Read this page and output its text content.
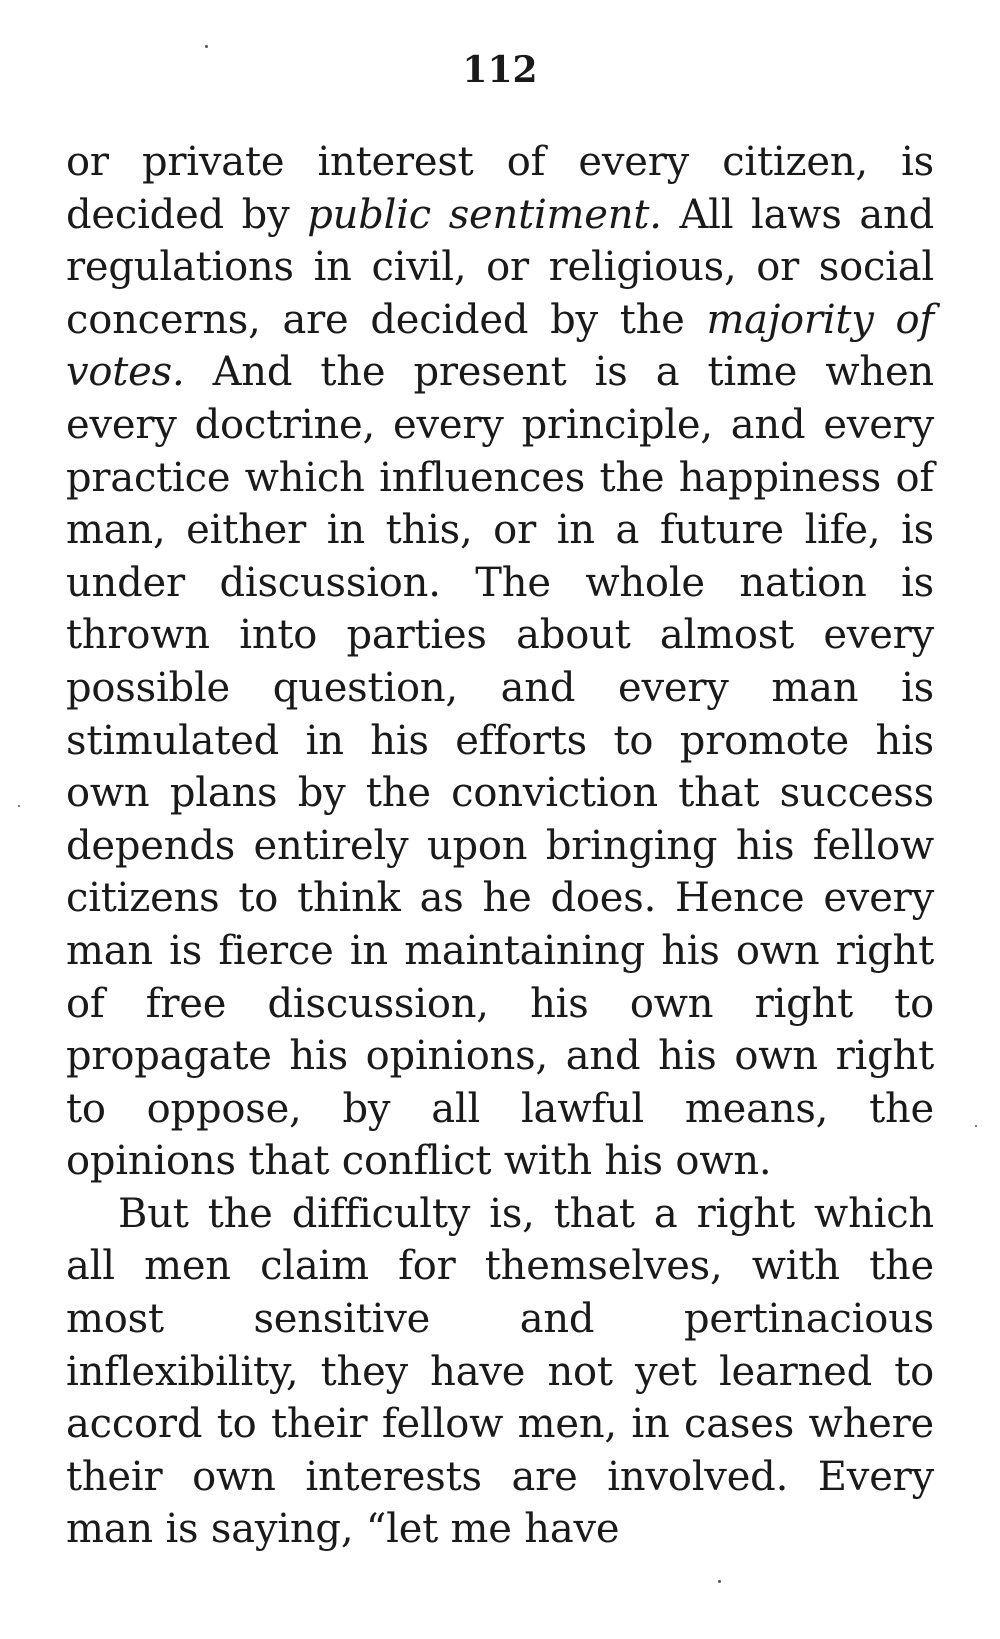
112

or private interest of every citizen, is decided by public sentiment. All laws and regulations in civil, or religious, or social concerns, are decided by the majority of votes. And the present is a time when every doctrine, every principle, and every practice which influences the happiness of man, either in this, or in a future life, is under discussion. The whole nation is thrown into parties about almost every possible question, and every man is stimulated in his efforts to promote his own plans by the conviction that success depends entirely upon bringing his fellow citizens to think as he does. Hence every man is fierce in maintaining his own right of free discussion, his own right to propagate his opinions, and his own right to oppose, by all lawful means, the opinions that conflict with his own.

But the difficulty is, that a right which all men claim for themselves, with the most sensitive and pertinacious inflexibility, they have not yet learned to accord to their fellow men, in cases where their own interests are involved. Every man is saying, “let me have
